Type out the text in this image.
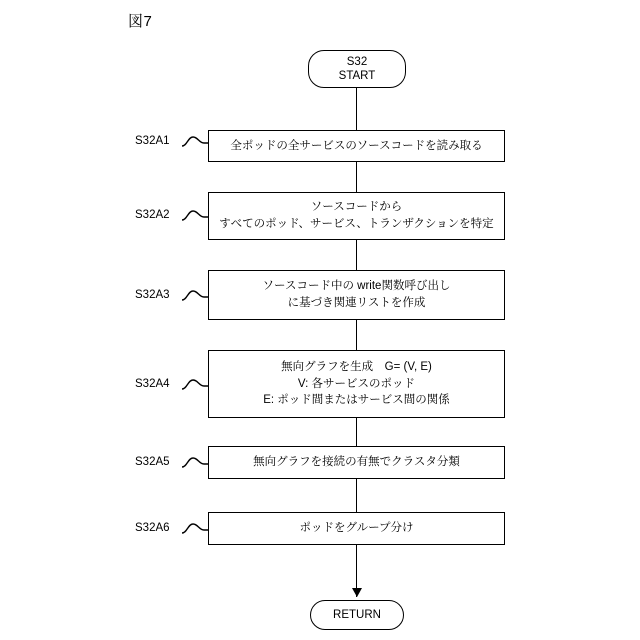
図7
S32
START
S32A1	全ポッドの全サービスのソースコードを読み取る
S32A2
ソースコードから
すべてのポッド、サービス、トランザクションを特定
S32A3
ソースコード中の write関数呼び出し
に基づき関連リストを作成
S32A4
無向グラフを生成　G= (V, E)
V: 各サービスのポッド
E: ポッド間またはサービス間の関係
S32A5	無向グラフを接続の有無でクラスタ分類
S32A6	ポッドをグループ分け
RETURN
